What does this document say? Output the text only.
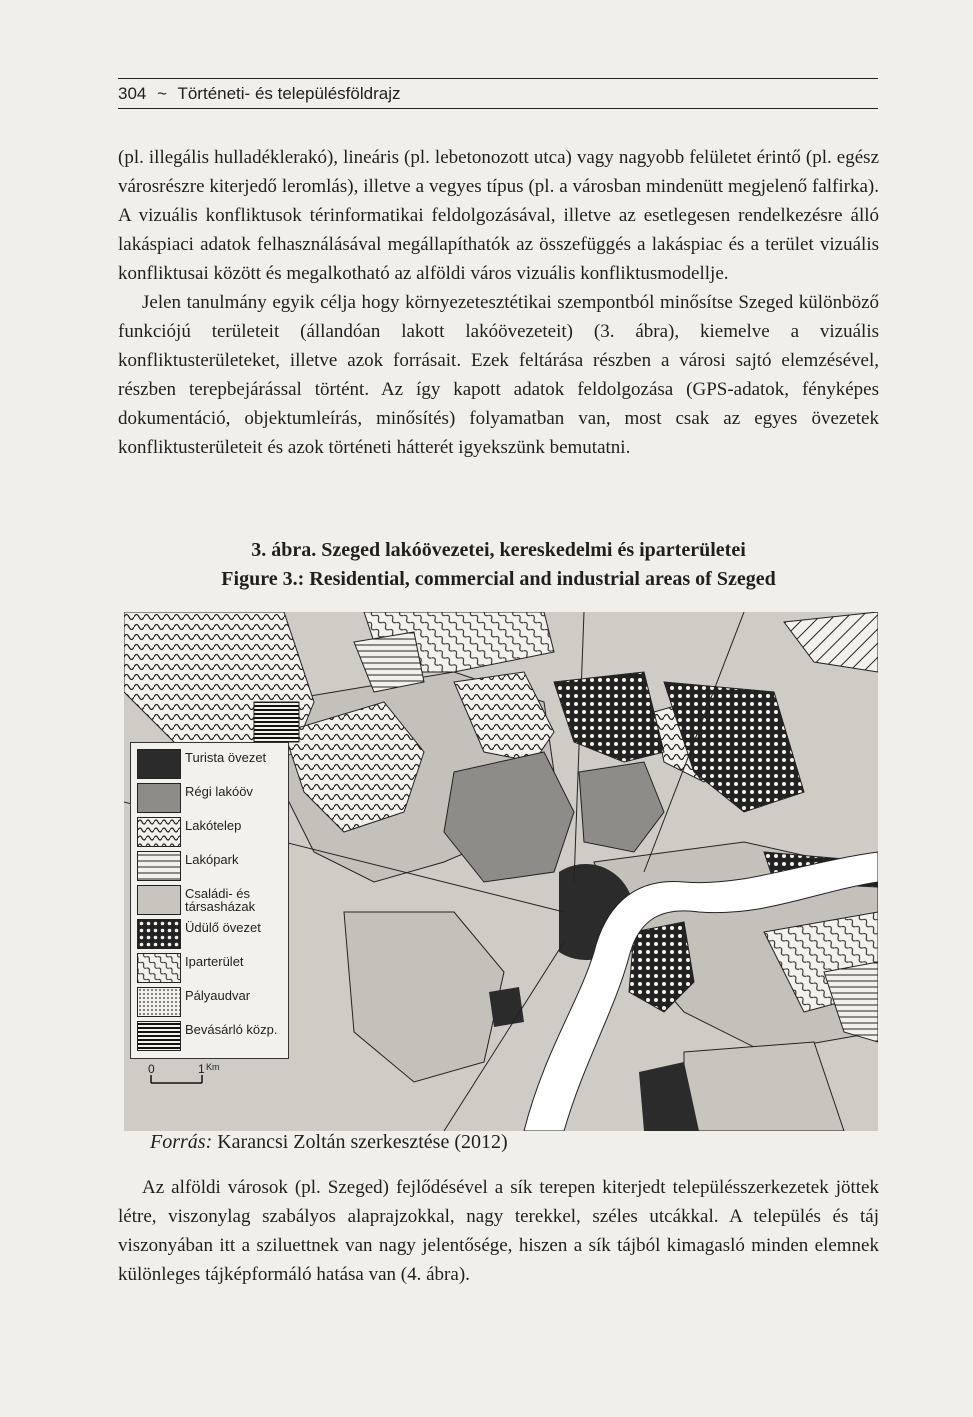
304 ~ Történeti- és településföldrajz

(pl. illegális hulladéklerakó), lineáris (pl. lebetonozott utca) vagy nagyobb felületet érintő (pl. egész városrészre kiterjedő leromlás), illetve a vegyes típus (pl. a városban mindenütt megjelenő falfirka). A vizuális konfliktusok térinformatikai feldolgozásával, illetve az esetlegesen rendelkezésre álló lakáspiaci adatok felhasználásával megállapíthatók az összefüggés a lakáspiac és a terület vizuális konfliktusai között és megalkotható az alföldi város vizuális konfliktusmodellje.

Jelen tanulmány egyik célja hogy környezetesztétikai szempontból minősítse Szeged különböző funkciójú területeit (állandóan lakott lakóövezeteit) (3. ábra), kiemelve a vizuális konfliktusterületeket, illetve azok forrásait. Ezek feltárása részben a városi sajtó elemzésével, részben terepbejárással történt. Az így kapott adatok feldolgozása (GPS-adatok, fényképes dokumentáció, objektumleírás, minősítés) folyamatban van, most csak az egyes övezetek konfliktusterületeit és azok történeti hátterét igyekszünk bemutatni.

3. ábra. Szeged lakóövezetei, kereskedelmi és iparterületei
Figure 3.: Residential, commercial and industrial areas of Szeged
Turista övezet
Régi lakóöv
Lakótelep
Lakópark
Családi- és társasházak
Üdülő övezet
Iparterület
Pályaudvar
Bevásárló közp.
0	1 Km
Forrás: Karancsi Zoltán szerkesztése (2012)
Az alföldi városok (pl. Szeged) fejlődésével a sík terepen kiterjedt településszerkezetek jöttek létre, viszonylag szabályos alaprajzokkal, nagy terekkel, széles utcákkal. A település és táj viszonyában itt a sziluettnek van nagy jelentősége, hiszen a sík tájból kimagasló minden elemnek különleges tájképformáló hatása van (4. ábra).
